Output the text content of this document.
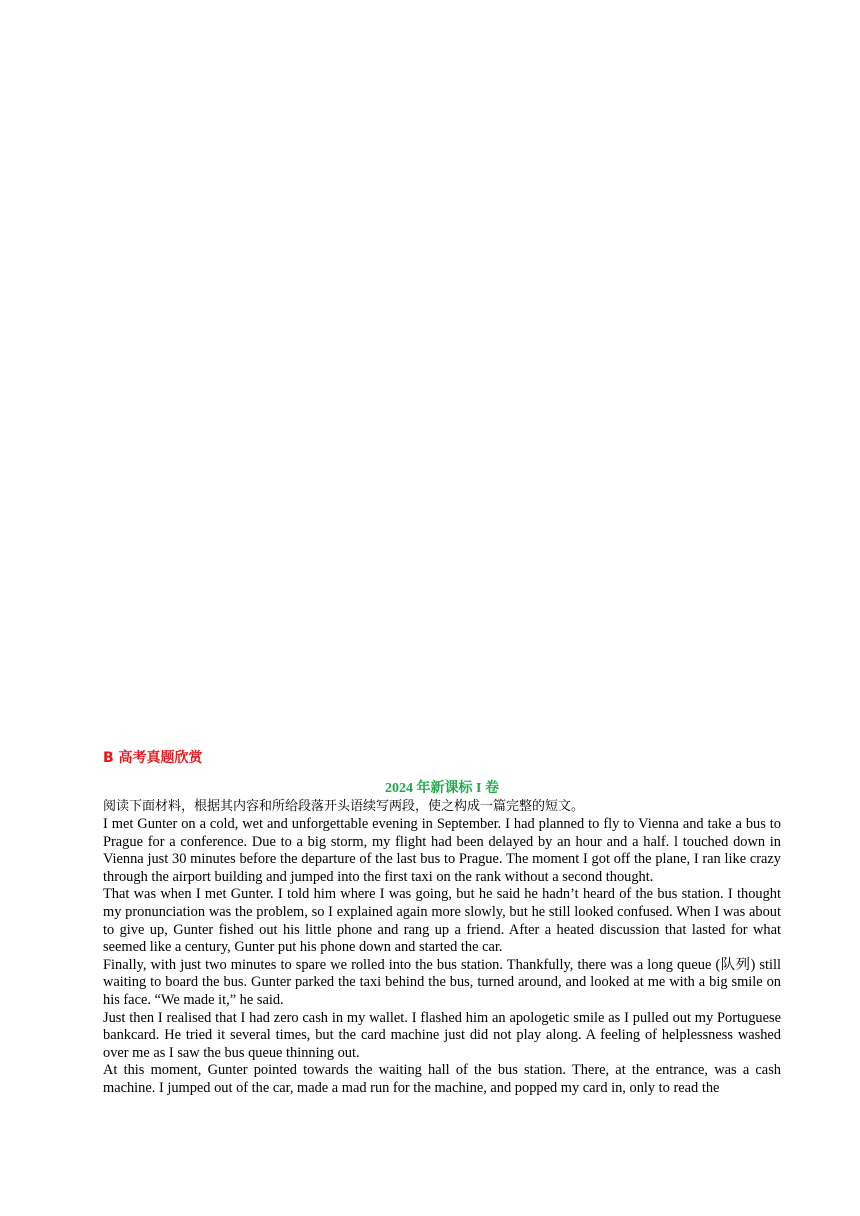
B 高考真题欣赏
2024 年新课标 I 卷
阅读下面材料，根据其内容和所给段落开头语续写两段，使之构成一篇完整的短文。

I met Gunter on a cold, wet and unforgettable evening in September. I had planned to fly to Vienna and take a bus to Prague for a conference. Due to a big storm, my flight had been delayed by an hour and a half. l touched down in Vienna just 30 minutes before the departure of the last bus to Prague. The moment I got off the plane, I ran like crazy through the airport building and jumped into the first taxi on the rank without a second thought.

That was when I met Gunter. I told him where I was going, but he said he hadn’t heard of the bus station. I thought my pronunciation was the problem, so I explained again more slowly, but he still looked confused. When I was about to give up, Gunter fished out his little phone and rang up a friend. After a heated discussion that lasted for what seemed like a century, Gunter put his phone down and started the car.

Finally, with just two minutes to spare we rolled into the bus station. Thankfully, there was a long queue (队列) still waiting to board the bus. Gunter parked the taxi behind the bus, turned around, and looked at me with a big smile on his face. “We made it,” he said.

Just then I realised that I had zero cash in my wallet. I flashed him an apologetic smile as I pulled out my Portuguese bankcard. He tried it several times, but the card machine just did not play along. A feeling of helplessness washed over me as I saw the bus queue thinning out.

At this moment, Gunter pointed towards the waiting hall of the bus station. There, at the entrance, was a cash machine. I jumped out of the car, made a mad run for the machine, and popped my card in, only to read the
